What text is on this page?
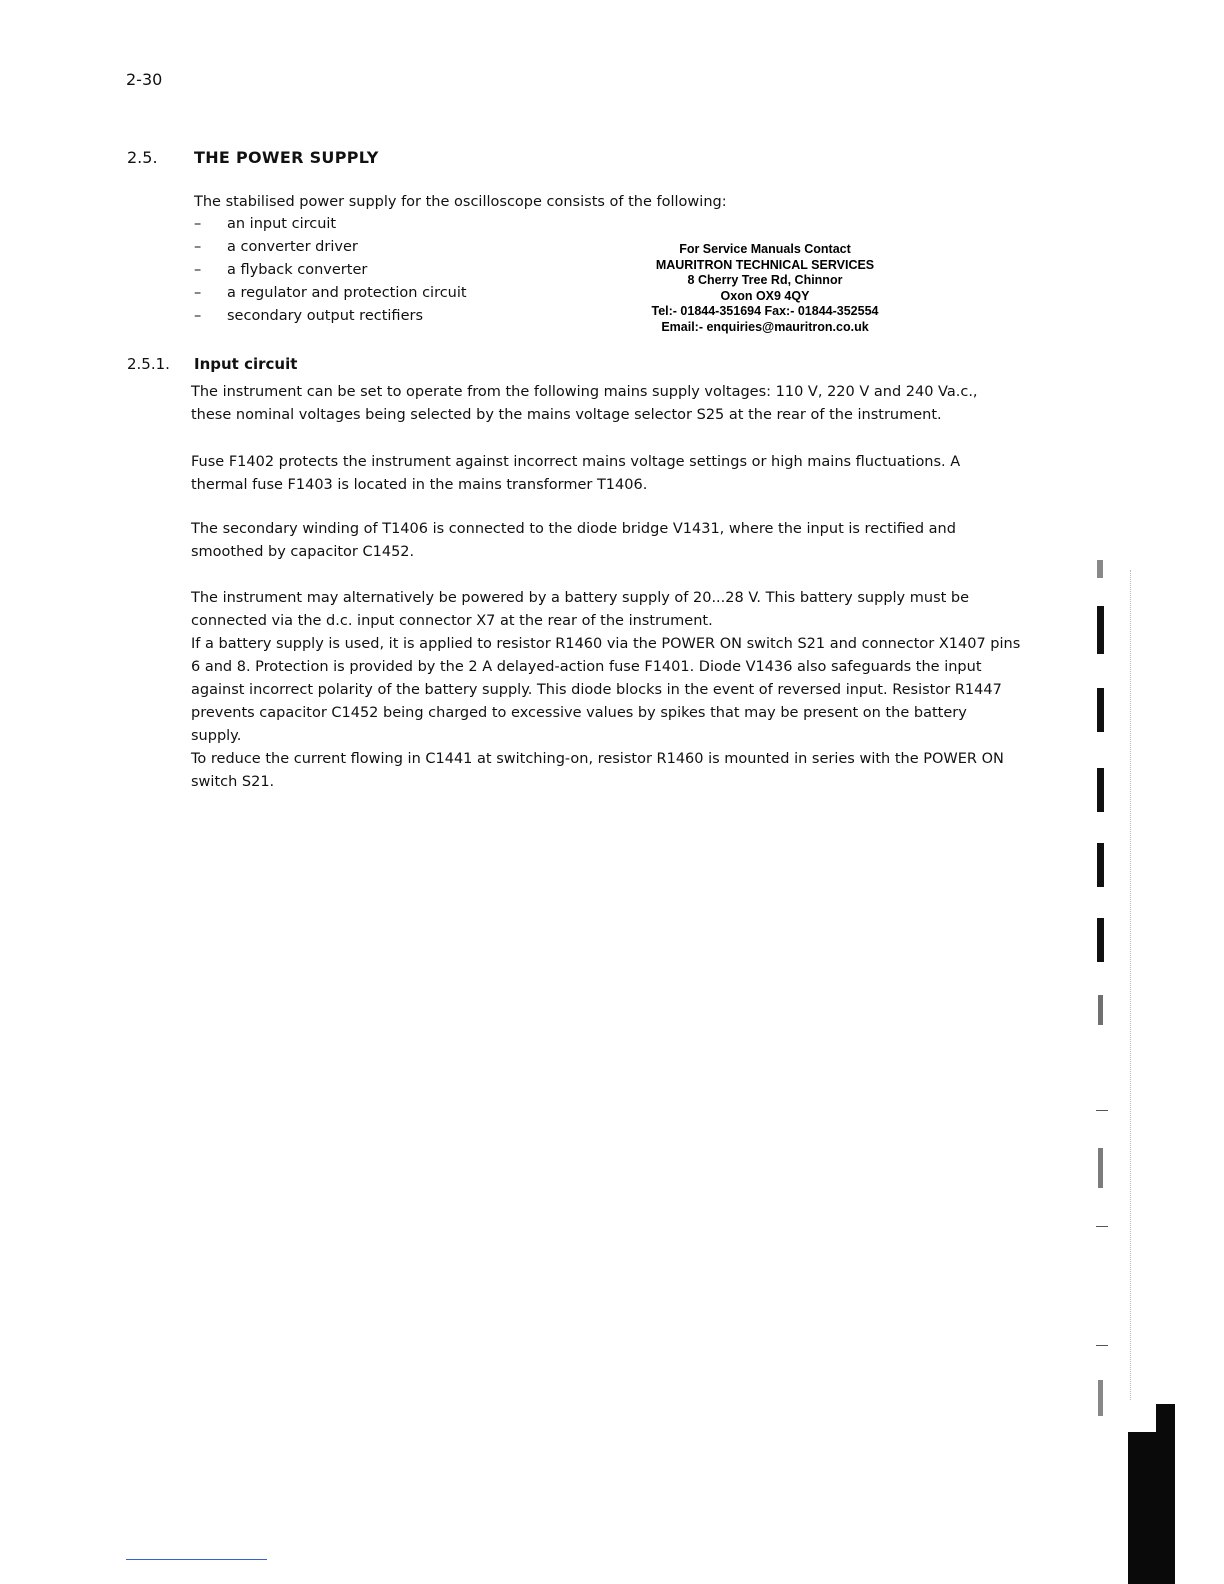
2-30
2.5. THE POWER SUPPLY
The stabilised power supply for the oscilloscope consists of the following:
– an input circuit
– a converter driver
– a flyback converter
– a regulator and protection circuit
– secondary output rectifiers
For Service Manuals Contact
MAURITRON TECHNICAL SERVICES
8 Cherry Tree Rd, Chinnor
Oxon OX9 4QY
Tel:- 01844-351694 Fax:- 01844-352554
Email:- enquiries@mauritron.co.uk
2.5.1. Input circuit

The instrument can be set to operate from the following mains supply voltages: 110 V, 220 V and 240 Va.c., these nominal voltages being selected by the mains voltage selector S25 at the rear of the instrument.

Fuse F1402 protects the instrument against incorrect mains voltage settings or high mains fluctuations. A thermal fuse F1403 is located in the mains transformer T1406.

The secondary winding of T1406 is connected to the diode bridge V1431, where the input is rectified and smoothed by capacitor C1452.

The instrument may alternatively be powered by a battery supply of 20...28 V. This battery supply must be connected via the d.c. input connector X7 at the rear of the instrument.

If a battery supply is used, it is applied to resistor R1460 via the POWER ON switch S21 and connector X1407 pins 6 and 8. Protection is provided by the 2 A delayed-action fuse F1401. Diode V1436 also safeguards the input against incorrect polarity of the battery supply. This diode blocks in the event of reversed input. Resistor R1447 prevents capacitor C1452 being charged to excessive values by spikes that may be present on the battery supply.

To reduce the current flowing in C1441 at switching-on, resistor R1460 is mounted in series with the POWER ON switch S21.
